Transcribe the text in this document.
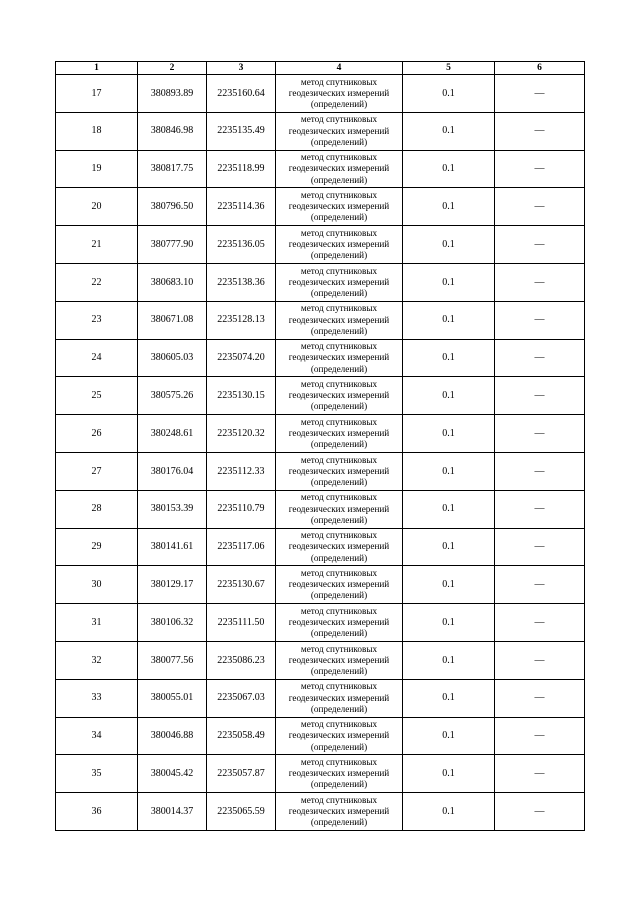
1	2	3	4	5	6
17	380893.89	2235160.64	метод спутниковых
геодезических измерений
(определений)	0.1	—
18	380846.98	2235135.49	метод спутниковых
геодезических измерений
(определений)	0.1	—
19	380817.75	2235118.99	метод спутниковых
геодезических измерений
(определений)	0.1	—
20	380796.50	2235114.36	метод спутниковых
геодезических измерений
(определений)	0.1	—
21	380777.90	2235136.05	метод спутниковых
геодезических измерений
(определений)	0.1	—
22	380683.10	2235138.36	метод спутниковых
геодезических измерений
(определений)	0.1	—
23	380671.08	2235128.13	метод спутниковых
геодезических измерений
(определений)	0.1	—
24	380605.03	2235074.20	метод спутниковых
геодезических измерений
(определений)	0.1	—
25	380575.26	2235130.15	метод спутниковых
геодезических измерений
(определений)	0.1	—
26	380248.61	2235120.32	метод спутниковых
геодезических измерений
(определений)	0.1	—
27	380176.04	2235112.33	метод спутниковых
геодезических измерений
(определений)	0.1	—
28	380153.39	2235110.79	метод спутниковых
геодезических измерений
(определений)	0.1	—
29	380141.61	2235117.06	метод спутниковых
геодезических измерений
(определений)	0.1	—
30	380129.17	2235130.67	метод спутниковых
геодезических измерений
(определений)	0.1	—
31	380106.32	2235111.50	метод спутниковых
геодезических измерений
(определений)	0.1	—
32	380077.56	2235086.23	метод спутниковых
геодезических измерений
(определений)	0.1	—
33	380055.01	2235067.03	метод спутниковых
геодезических измерений
(определений)	0.1	—
34	380046.88	2235058.49	метод спутниковых
геодезических измерений
(определений)	0.1	—
35	380045.42	2235057.87	метод спутниковых
геодезических измерений
(определений)	0.1	—
36	380014.37	2235065.59	метод спутниковых
геодезических измерений
(определений)	0.1	—
